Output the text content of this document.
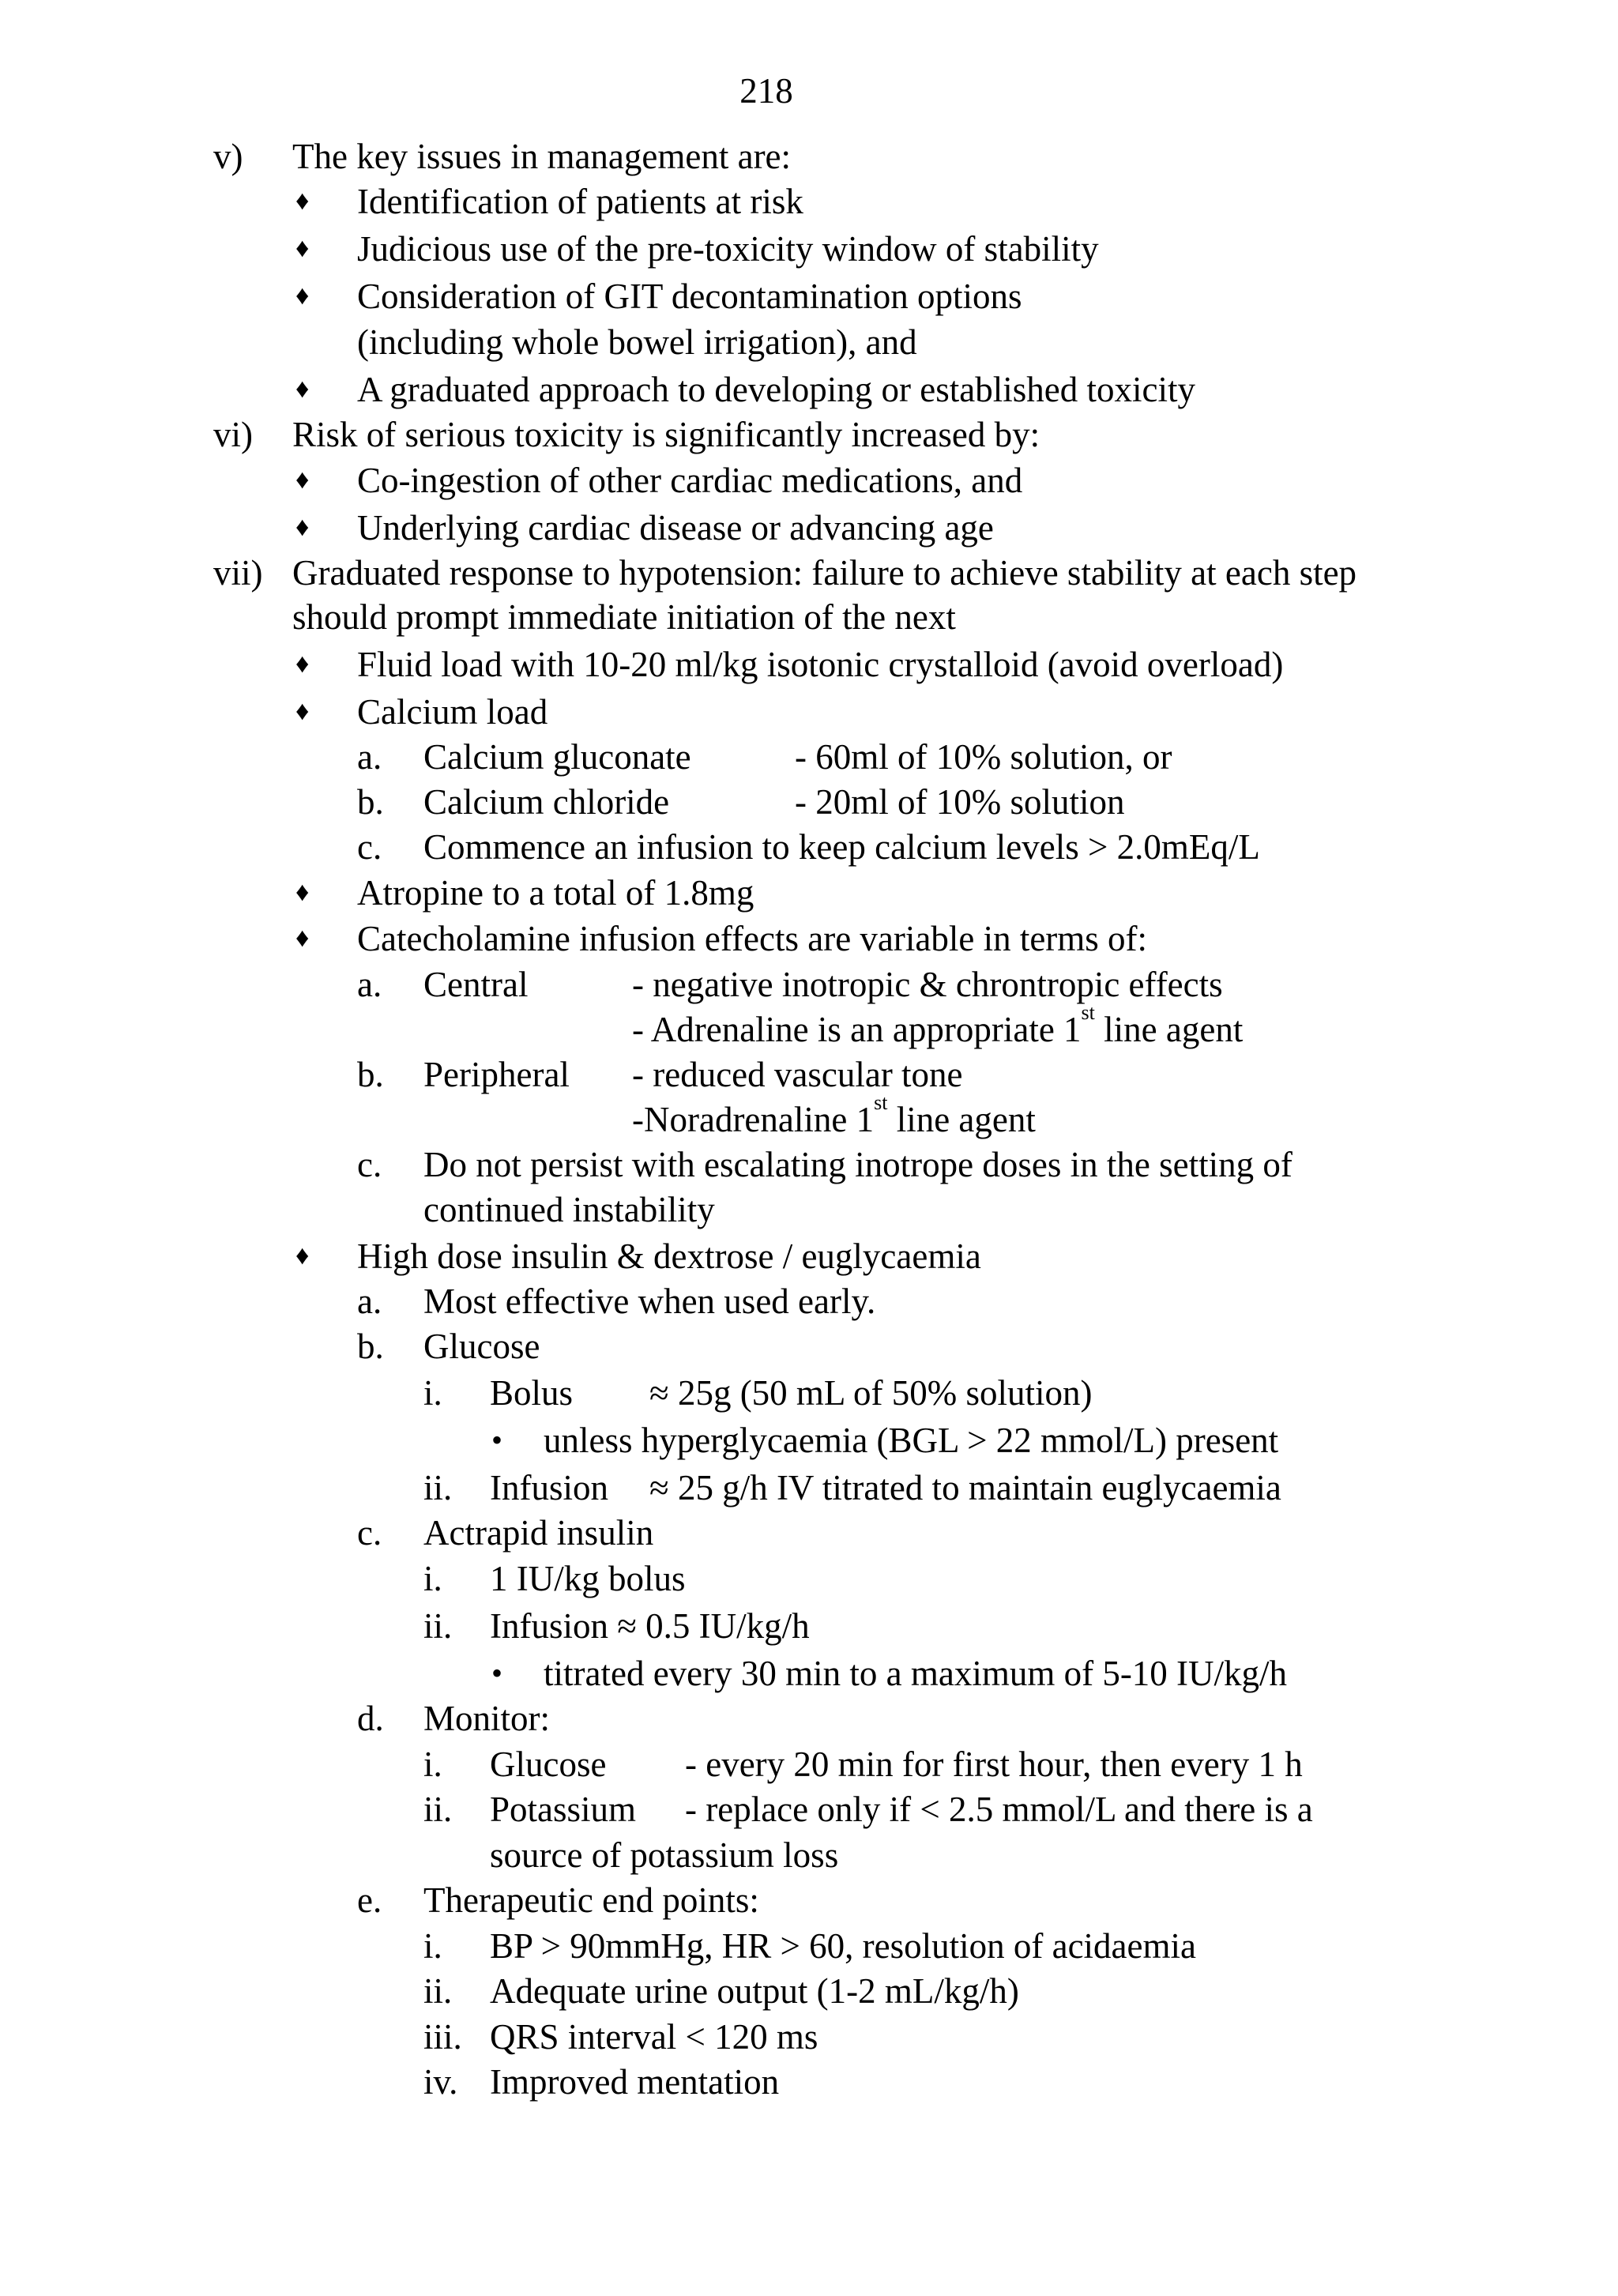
218
v) The key issues in management are:
♦ Identification of patients at risk
♦ Judicious use of the pre-toxicity window of stability
♦ Consideration of GIT decontamination options
(including whole bowel irrigation), and
♦ A graduated approach to developing or established toxicity
vi) Risk of serious toxicity is significantly increased by:
♦ Co-ingestion of other cardiac medications, and
♦ Underlying cardiac disease or advancing age
vii) Graduated response to hypotension: failure to achieve stability at each step
should prompt immediate initiation of the next
♦ Fluid load with 10-20 ml/kg isotonic crystalloid (avoid overload)
♦ Calcium load
a. Calcium gluconate	- 60ml of 10% solution, or
b. Calcium chloride	- 20ml of 10% solution
c. Commence an infusion to keep calcium levels > 2.0mEq/L
♦ Atropine to a total of 1.8mg
♦ Catecholamine infusion effects are variable in terms of:
a. Central	- negative inotropic & chrontropic effects
- Adrenaline is an appropriate 1st line agent
b. Peripheral - reduced vascular tone
-Noradrenaline 1st line agent
c. Do not persist with escalating inotrope doses in the setting of
continued instability
♦ High dose insulin & dextrose / euglycaemia
a. Most effective when used early.
b. Glucose
i. Bolus ≈ 25g (50 mL of 50% solution)
• unless hyperglycaemia (BGL > 22 mmol/L) present
ii. Infusion ≈ 25 g/h IV titrated to maintain euglycaemia
c. Actrapid insulin
i. 1 IU/kg bolus
ii. Infusion ≈ 0.5 IU/kg/h
• titrated every 30 min to a maximum of 5-10 IU/kg/h
d. Monitor:
i. Glucose - every 20 min for first hour, then every 1 h
ii. Potassium - replace only if < 2.5 mmol/L and there is a
source of potassium loss
e. Therapeutic end points:
i. BP > 90mmHg, HR > 60, resolution of acidaemia
ii. Adequate urine output (1-2 mL/kg/h)
iii. QRS interval < 120 ms
iv. Improved mentation
